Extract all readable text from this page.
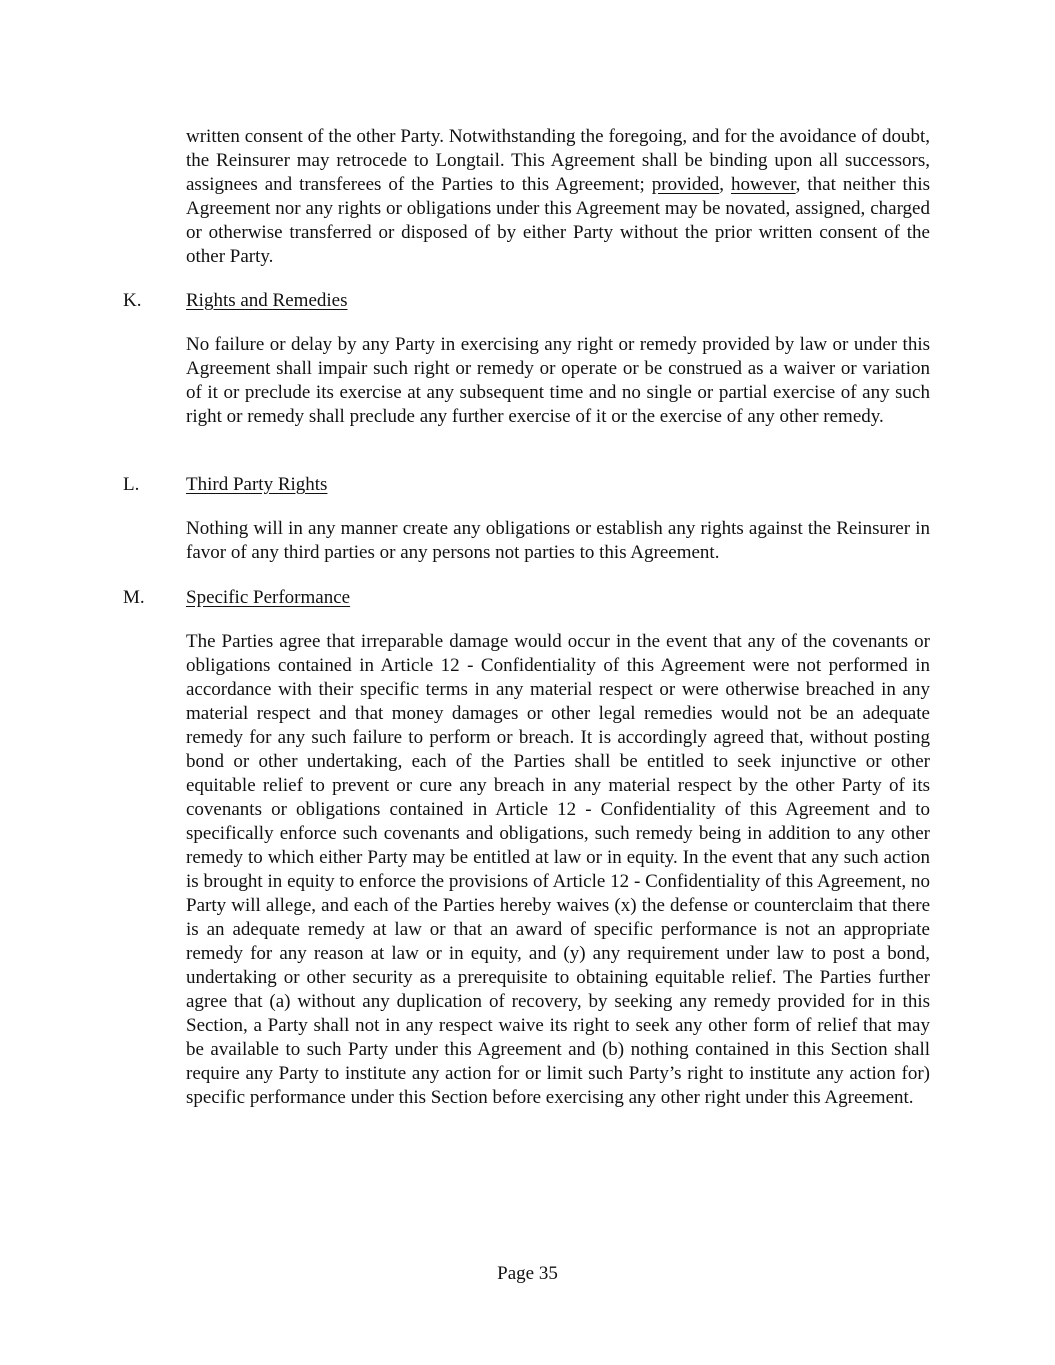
written consent of the other Party. Notwithstanding the foregoing, and for the avoidance of doubt, the Reinsurer may retrocede to Longtail. This Agreement shall be binding upon all successors, assignees and transferees of the Parties to this Agreement; provided, however, that neither this Agreement nor any rights or obligations under this Agreement may be novated, assigned, charged or otherwise transferred or disposed of by either Party without the prior written consent of the other Party.

K. Rights and Remedies

No failure or delay by any Party in exercising any right or remedy provided by law or under this Agreement shall impair such right or remedy or operate or be construed as a waiver or variation of it or preclude its exercise at any subsequent time and no single or partial exercise of any such right or remedy shall preclude any further exercise of it or the exercise of any other remedy.

L. Third Party Rights

Nothing will in any manner create any obligations or establish any rights against the Reinsurer in favor of any third parties or any persons not parties to this Agreement.

M. Specific Performance

The Parties agree that irreparable damage would occur in the event that any of the covenants or obligations contained in Article 12 - Confidentiality of this Agreement were not performed in accordance with their specific terms in any material respect or were otherwise breached in any material respect and that money damages or other legal remedies would not be an adequate remedy for any such failure to perform or breach. It is accordingly agreed that, without posting bond or other undertaking, each of the Parties shall be entitled to seek injunctive or other equitable relief to prevent or cure any breach in any material respect by the other Party of its covenants or obligations contained in Article 12 - Confidentiality of this Agreement and to specifically enforce such covenants and obligations, such remedy being in addition to any other remedy to which either Party may be entitled at law or in equity. In the event that any such action is brought in equity to enforce the provisions of Article 12 - Confidentiality of this Agreement, no Party will allege, and each of the Parties hereby waives (x) the defense or counterclaim that there is an adequate remedy at law or that an award of specific performance is not an appropriate remedy for any reason at law or in equity, and (y) any requirement under law to post a bond, undertaking or other security as a prerequisite to obtaining equitable relief. The Parties further agree that (a) without any duplication of recovery, by seeking any remedy provided for in this Section, a Party shall not in any respect waive its right to seek any other form of relief that may be available to such Party under this Agreement and (b) nothing contained in this Section shall require any Party to institute any action for or limit such Party’s right to institute any action for) specific performance under this Section before exercising any other right under this Agreement.

Page 35
